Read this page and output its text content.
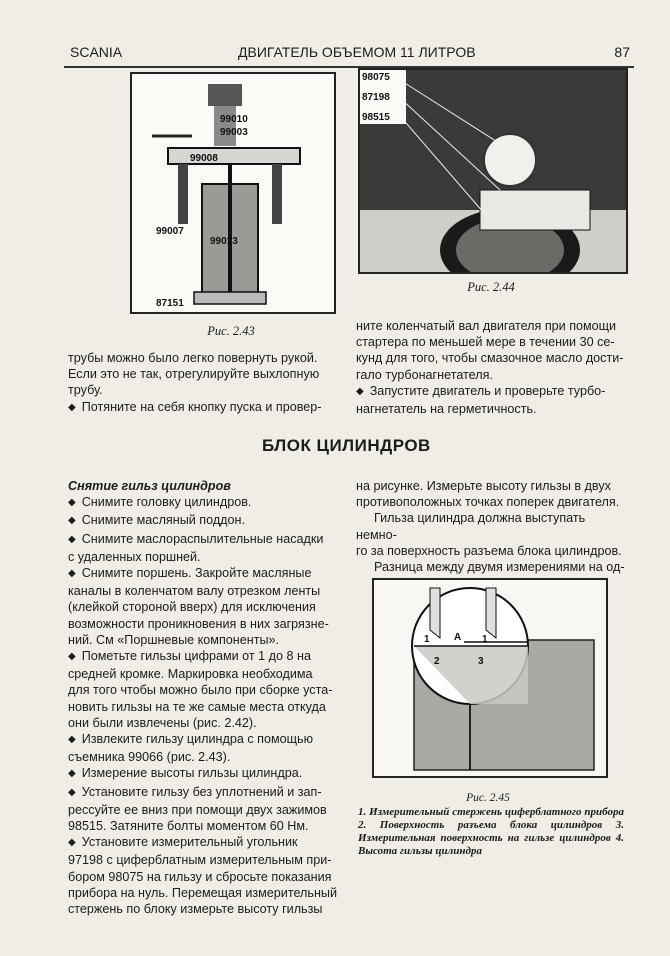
SCANIA	ДВИГАТЕЛЬ ОБЪЕМОМ 11 ЛИТРОВ	87
99010
99003
99008
99007
99013
87151
Рис. 2.43
98075
87198
98515
Рис. 2.44

трубы можно было легко повернуть рукой.

Если это не так, отрегулируйте выхлопную

трубу.

◆ Потяните на себя кнопку пуска и провер-

ните коленчатый вал двигателя при помощи

стартера по меньшей мере в течении 30 се-

кунд для того, чтобы смазочное масло дости-

гало турбонагнетателя.

◆ Запустите двигатель и проверьте турбо-

нагнетатель на герметичность.

БЛОК ЦИЛИНДРОВ

Снятие гильз цилиндров

◆ Снимите головку цилиндров.

◆ Снимите масляный поддон.

◆ Снимите маслораспылительные насадки

с удаленных поршней.

◆ Снимите поршень. Закройте масляные

каналы в коленчатом валу отрезком ленты

(клейкой стороной вверх) для исключения

возможности проникновения в них загрязне-

ний. См «Поршневые компоненты».

◆ Пометьте гильзы цифрами от 1 до 8 на

средней кромке. Маркировка необходима

для того чтобы можно было при сборке уста-

новить гильзы на те же самые места откуда

они были извлечены (рис. 2.42).

◆ Извлеките гильзу цилиндра с помощью

съемника 99066 (рис. 2.43).

◆ Измерение высоты гильзы цилиндра.

◆ Установите гильзу без уплотнений и зап-

рессуйте ее вниз при помощи двух зажимов

98515. Затяните болты моментом 60 Нм.

◆ Установите измерительный угольник

97198 с циферблатным измерительным при-

бором 98075 на гильзу и сбросьте показания

прибора на нуль. Перемещая измерительный

стержень по блоку измерьте высоту гильзы

на рисунке. Измерьте высоту гильзы в двух

противоположных точках поперек двигателя.

Гильза цилиндра должна выступать немно-

го за поверхность разъема блока цилиндров.

Разница между двумя измерениями на од-

1 A 1
2	3
Рис. 2.45
1. Измерительный стержень циферблатного прибора 2. Поверхность разъема блока цилиндров 3. Измерительная поверхность на гильзе цилиндров 4. Высота гильзы цилиндра
